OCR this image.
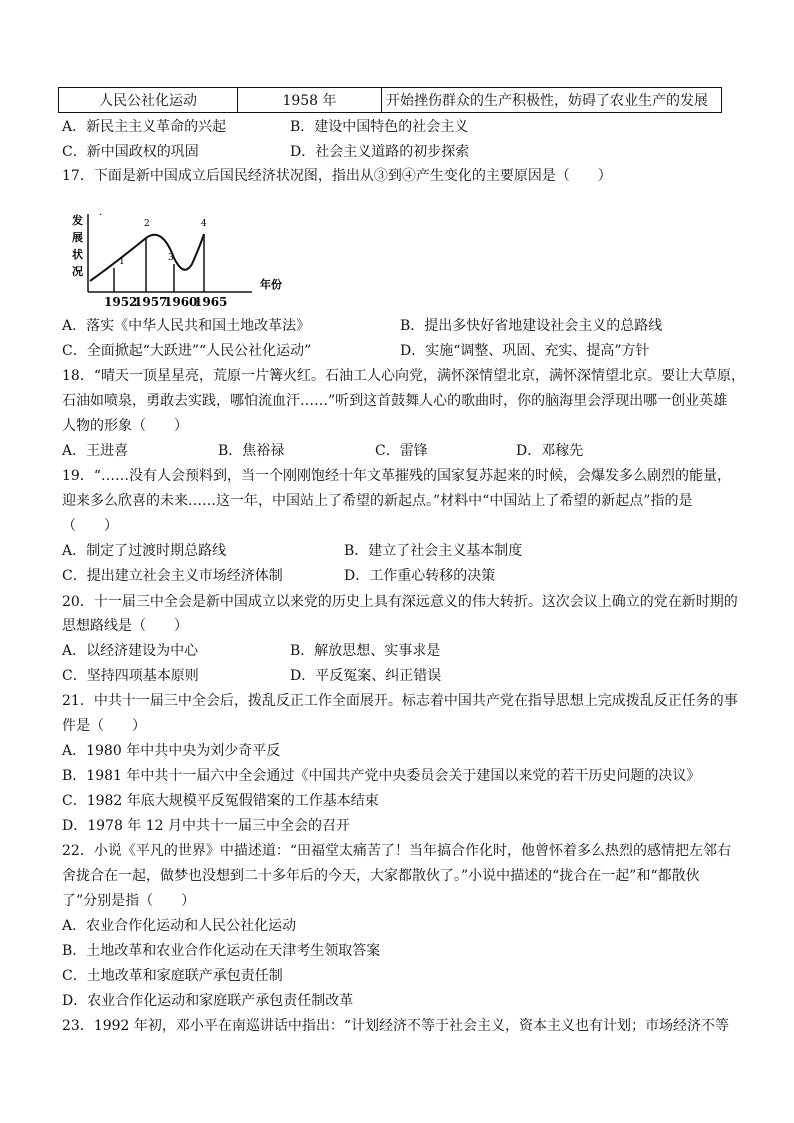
人民公社化运动	1958 年	开始挫伤群众的生产积极性，妨碍了农业生产的发展
A．新民主主义革命的兴起	B．建设中国特色的社会主义
C．新中国政权的巩固	D．社会主义道路的初步探索
17．下面是新中国成立后国民经济状况图，指出从③到④产生变化的主要原因是（　　）
·
发
展
状
况
年份
1
2
3
4
1952
1957
1960
1965
A．落实《中华人民共和国土地改革法》	B．提出多快好省地建设社会主义的总路线
C．全面掀起“大跃进”“人民公社化运动”	D．实施“调整、巩固、充实、提高”方针
18．“晴天一顶星星亮，荒原一片篝火红。石油工人心向党，满怀深情望北京，满怀深情望北京。要让大草原，
石油如喷泉，勇敢去实践，哪怕流血汗……”听到这首鼓舞人心的歌曲时，你的脑海里会浮现出哪一创业英雄
人物的形象（　　）
A．王进喜	B．焦裕禄	C．雷锋	D．邓稼先
19．“……没有人会预料到，当一个刚刚饱经十年文革摧残的国家复苏起来的时候，会爆发多么剧烈的能量，
迎来多么欣喜的未来……这一年，中国站上了希望的新起点。”材料中“中国站上了希望的新起点”指的是
（　　）
A．制定了过渡时期总路线	B．建立了社会主义基本制度
C．提出建立社会主义市场经济体制	D．工作重心转移的决策
20．十一届三中全会是新中国成立以来党的历史上具有深远意义的伟大转折。这次会议上确立的党在新时期的
思想路线是（　　）
A．以经济建设为中心	B．解放思想、实事求是
C．坚持四项基本原则	D．平反冤案、纠正错误
21．中共十一届三中全会后，拨乱反正工作全面展开。标志着中国共产党在指导思想上完成拨乱反正任务的事
件是（　　）
A．1980 年中共中央为刘少奇平反
B．1981 年中共十一届六中全会通过《中国共产党中央委员会关于建国以来党的若干历史问题的决议》
C．1982 年底大规模平反冤假错案的工作基本结束
D．1978 年 12 月中共十一届三中全会的召开
22．小说《平凡的世界》中描述道：“田福堂太痛苦了！当年搞合作化时，他曾怀着多么热烈的感情把左邻右
舍拢合在一起，做梦也没想到二十多年后的今天，大家都散伙了。”小说中描述的“拢合在一起”和“都散伙
了”分别是指（　　）
A．农业合作化运动和人民公社化运动
B．土地改革和农业合作化运动在天津考生领取答案
C．土地改革和家庭联产承包责任制
D．农业合作化运动和家庭联产承包责任制改革
23．1992 年初，邓小平在南巡讲话中指出：“计划经济不等于社会主义，资本主义也有计划；市场经济不等
